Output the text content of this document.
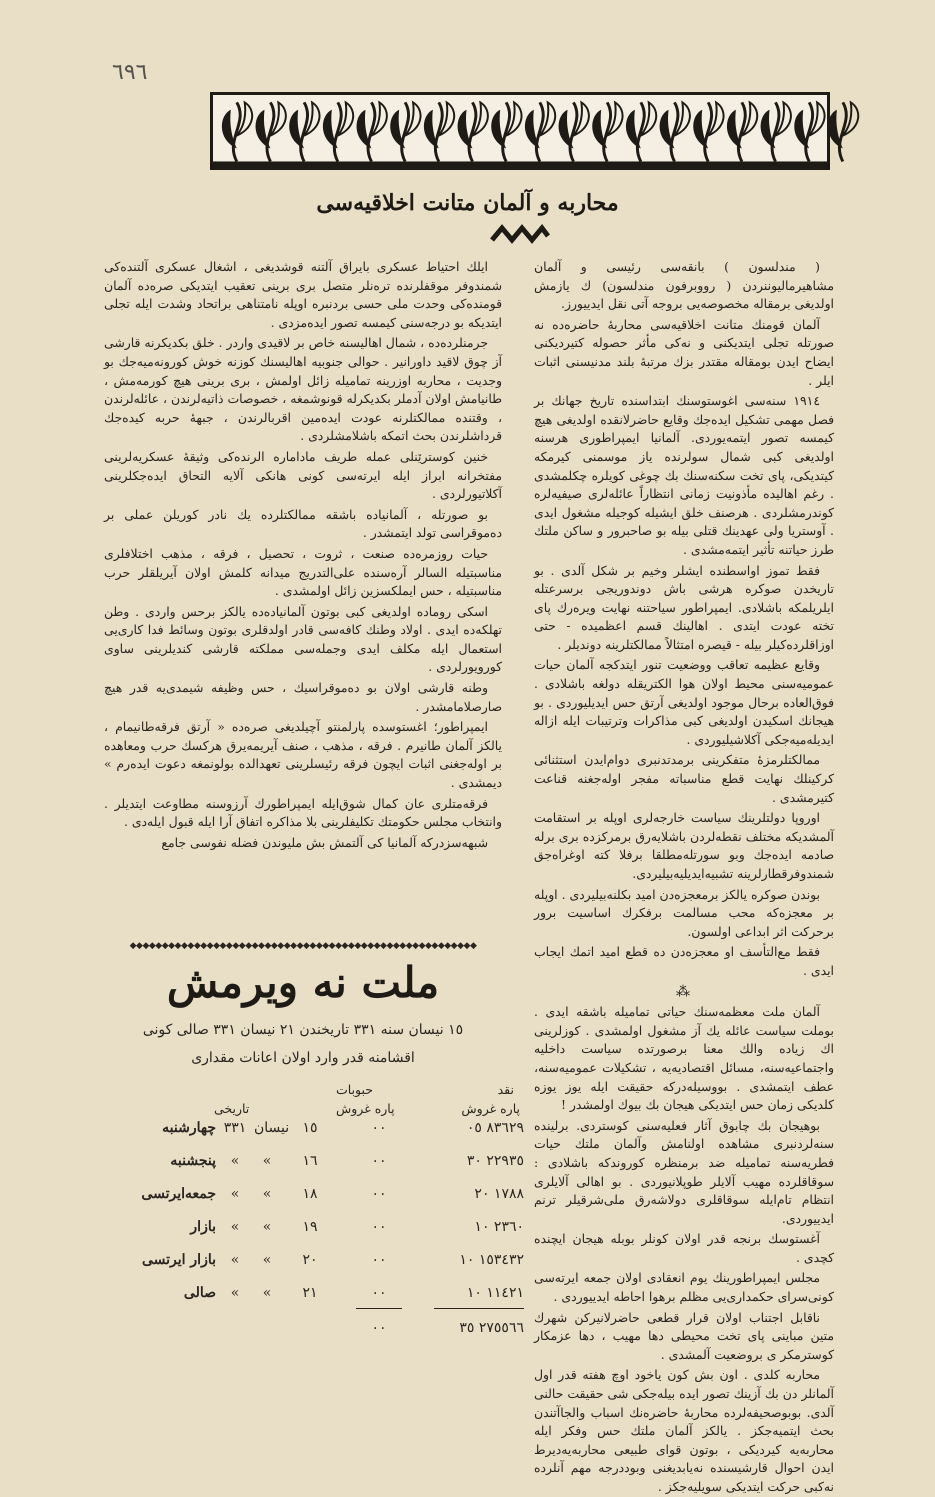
٦٩٦
محاربه و آلمان متانت اخلاقیه‌سی

( مندلسون ) بانقه‌سی رئیسی و آلمان مشاهیرمالیوننردن ( رووبرفون مندلسون) ك یازمش اولدیغی برمقاله مخصوصه‌یی بروجه آتی نقل ایدییورز.

آلمان قومنك متانت اخلاقیه‌سی محاربهٔ حاضره‌ده نه صورتله تجلی ایتدیكنی و نه‌كی مأثر حصوله كتیردیكنی ایضاح ایدن بومقاله مقتدر بزك مرتبهٔ بلند مدنیسنی اثبات ایلر .

۱۹۱٤ سنه‌سی اغوستوسنك ابتداسنده تاریخ جهانك بر فصل مهمی تشکیل ایده‌جك وقایع حاضرلانقده اولدیغی هیچ کیمسه تصور ایتمه‌یوردی. آلمانیا ایمپراطوری هرسنه اولدیغی کبی شمال سولرنده یاز موسمنی کیرمكه کیتدیكی، پای تخت سكنه‌سنك بك چوغی کویلره چکلمشدی . رغم اهالیده مأذونیت زمانی انتظاراً عائله‌لری صیفیه‌لره کوندرمشلردی . هرصنف خلق ایشیله کوجیله مشغول ایدی . آوستریا ولی عهدینك قتلی بیله بو صاحبرور و ساكن ملتك طرز حیاتنه تأثیر ایتمه‌مشدی .

فقط تموز اواسطنده ایشلر وخیم بر شکل آلدی . بو تاریخدن صوكره هرشی باش دوندوریجی برسرعتله ایلریلمكه باشلادی. ایمپراطور سیاحتنه نهایت ویرەرك پای تخته عودت ایتدی . اهالینك قسم اعظمیده - حتی اوزاقلرده‌کیلر بیله - قیصره امتثالاً ممالکتلرینه دوندیلر .

وقایع عظیمه تعاقب ووضعیت تنور ایتدکجه آلمان حیات عمومیه‌سنی محیط اولان هوا الکتریقله دولغه باشلادی . فوق‌العاده برحال موجود اولدیغی آرتق حس ایدیلیوردی . بو هیجانك اسکیدن اولدیغی کبی مذاکرات وترتیبات ایله ازاله ایدیله‌میه‌جكی آکلاشیلیوردی .

ممالکتلرمزهٔ متفکرینی برمدتدنبری دوام‌ایدن استثنائی کرکینلك نهایت قطع مناسباته مفجر اوله‌جغنه قناعت کتیرمشدی .

اوروپا دولتلرینك سیاست خارجه‌لری اوپله بر استقامت آلمشدیكه مختلف نقطه‌لردن باشلایەرق برمرکزده بری برله صادمه ایده‌جك وبو سورتله‌مطلقا برفلا کته اوغراه‌جق شمندوفرقطارلرینه تشبیه‌ایدیلیه‌بیلیردی.

بوندن صوكره یالکز برمعجزه‌دن امید بکلنه‌بیلیردی . اوپله بر معجزه‌كه محب مسالمت برفکرك اساسیت برور برحرکت اثر ابداعی اولسون.

فقط مع‌التأسف او معجزه‌دن ده قطع امید اتمك ایجاب ایدی .

⁂

آلمان ملت معظمه‌سنك حیاتی تمامیله باشقه ایدی . بوملت سیاست عائله یك آز مشغول اولمشدی . کوزلرینی اك زیاده والك معنا برصورتده سیاست داخلیه واجتماعیه‌سنه، مسائل اقتصادیه‌یه ، تشکیلات عمومیه‌سنه، عطف ایتمشدی . بووسیله‌درکه حقیقت ایله یوز یوزه کلدیکی زمان حس ایتدیکی هیجان بك بیوك اولمشدر !

بوهیجان بك چابوق آثار فعلیه‌سنی کوستردی. برلینده سنه‌لردنبری مشاهده اولنامش وآلمان ملتك حیات فطریه‌سنه تمامیله ضد برمنظره کوروندکه باشلادی : سوقاقلرده مهیب آلایلر طوپلانیوردی . بو اهالی آلایلری انتظام تام‌ایله سوقاقلری دولاشەرق ملی‌شرقیلر ترنم ایدییوردی.

آغستوسك برنجه قدر اولان کونلر بوبله هیجان ایچنده کچدی .

مجلس ایمپراطورینك یوم انعقادی اولان جمعه ایرته‌سی کونی‌سرای حکمداری‌یی مظلم برهوا احاطه ایدییوردی .

ناقابل اجتناب اولان قرار قطعی حاضرلانیرکن شهرك متین مباینی پای تخت محیطی دها مهیب ، دها عزمکار کوسترمکر ی بروضعیت آلمشدی .

محاربه کلدی . اون بش کون یاخود اوچ هفته قدر اول آلمانلر دن بك آزینك تصور ایده بیله‌جکی شی حقیقت حالنی آلدی. بوبوصحیفه‌لرده محاربهٔ حاضره‌نك اسباب والجاآتندن بحث ایتمیه‌جکز . یالکز آلمان ملتك حس وفکر ایله محاربه‌یه کیردیکی ، بوتون قوای طبیعی محاربه‌یه‌دیرط ایدن احوال قارشیسنده نه‌یابدیغنی وبوددرجه مهم آنلرده نه‌کبی حرکت ایتدیکی سویلیه‌جکز .

ایلك احتیاط عسكری بایراق آلتنه قوشدیغی ، اشغال عسكری آلتنده‌كی شمندوفر موقفلرنده ترەنلر متصل بری برینی تعقیب ایتدیکی صره‌ده آلمان قومنده‌کی وحدت ملی حسی بردنبره اوپله نامتناهی براتحاد وشدت ایله تجلی ایتدیكه بو درجه‌سنی کیمسه تصور ایده‌مزدی .

جرمنلرده‌ده ، شمال اهالیسنه خاص بر لاقیدی واردر . خلق بکدیکرنه قارشی آز چوق لاقید داورانیر . حوالی جنوبیه اهالیسنك کوزنه خوش کورونه‌میه‌جك بو وجدیت ، محاربه اوزرینه تمامیله زائل اولمش ، بری برینی هیچ کورمه‌مش ، طانیامش اولان آدملر بکدیکرله قونوشمغه ، خصوصات ذاتیه‌لرندن ، عائله‌لرندن ، وقتنده ممالکتلرنه عودت ایده‌مین اقربالرندن ، جبههٔ حربه کیده‌جك قرداشلرندن بحث اتمکه باشلامشلردی .

خنین کوسترێنلی عمله طریف مادامارە الرنده‌کی وثیقهٔ عسکریه‌لرینی مفتخرانه ابراز ایله ایرته‌سی کونی ‌هانکی آلایه التحاق ایده‌جکلرینی آکلاتیورلردی .

بو صورتله ، آلمانیاده باشقه ممالکتلرده یك نادر کوریلن عملی بر دەموقراسی تولد ایتمشدر .

حیات روزمره‌ده صنعت ، ثروت ، تحصیل ، فرقه ، مذهب اختلافلری مناسبتیله السالر آره‌سنده علی‌التدریج میدانه کلمش اولان آیریلقلر حرب مناسبتیله ، حس ایملکسزین زائل اولمشدی .

اسکی رومادە اولدیغی کبی بوتون آلمانیاده‌ده یالکز برحس واردی . وطن تهلکه‌ده ایدی . اولاد وطنك کافه‌سی قادر اولدقلری بوتون وسائط فدا کاری‌یی استعمال ایله مکلف ایدی وجمله‌سی مملکته قارشی کندیلرینی ساوی کورویورلردی .

وطنه قارشی اولان بو دەموقراسیك ، حس وظیفه شیمدی‌یه قدر هیچ صارصلامامشدر .

ایمپراطور؛ اغستوسده پارلمنتو آچیلدیغی صره‌ده « آرتق فرقه‌طانیمام ، یالکز آلمان طانیرم . فرقه ، مذهب ، صنف آیریمەیرق هرکسك حرب ومعاهده بر اوله‌جغنی اثبات ایچون فرقه رئیسلرینی تعهدالده بولونمغه دعوت ایدەرم » دیمشدی .

فرقه‌متلری عان کمال شوق‌ایله ایمپراطورك آرزوسنه مطاوعت ایتدیلر . وانتخاب مجلس حکومتك تکلیفلرینی بلا مذاکره اتفاق آرا ایله قبول ایلەدی .

شبهه‌سزدرکه آلمانیا کی آلتمش بش ملیوندن فضله نفوسی جامع

◆◆◆◆◆◆◆◆◆◆◆◆◆◆◆◆◆◆◆◆◆◆◆◆◆◆◆◆◆◆◆◆◆◆◆◆◆◆◆◆◆◆◆◆◆◆◆◆◆◆◆◆◆◆
ملت نه ویرمش
۱٥ نیسان سنه ۳۳۱ تاریخندن ۲۱ نیسان ۳۳۱ صالی کونی
اقشامنه قدر وارد اولان اعانات مقداری
نقد
حبوبات
پاره غروش
پاره غروش
تاریخی
٨٣٦٢٩ ٠٥
٠٠
١٥
نیسان
۳۳۱
چهارشنبه
٢٢٩٣٥ ٣٠
٠٠
١٦
«
«
پنجشنبه
١٧٨٨ ٢٠
٠٠
١٨
«
«
جمعه‌ایرتسی
٢٣٦٠ ١٠
٠٠
١٩
«
«
بازار
١٥٣٤٣٢ ١٠
٠٠
٢٠
«
«
بازار ایرتسی
١١٤٢١ ١٠
٠٠
٢١
«
«
صالی
٢٧٥٥٦٦ ٣٥
٠٠
